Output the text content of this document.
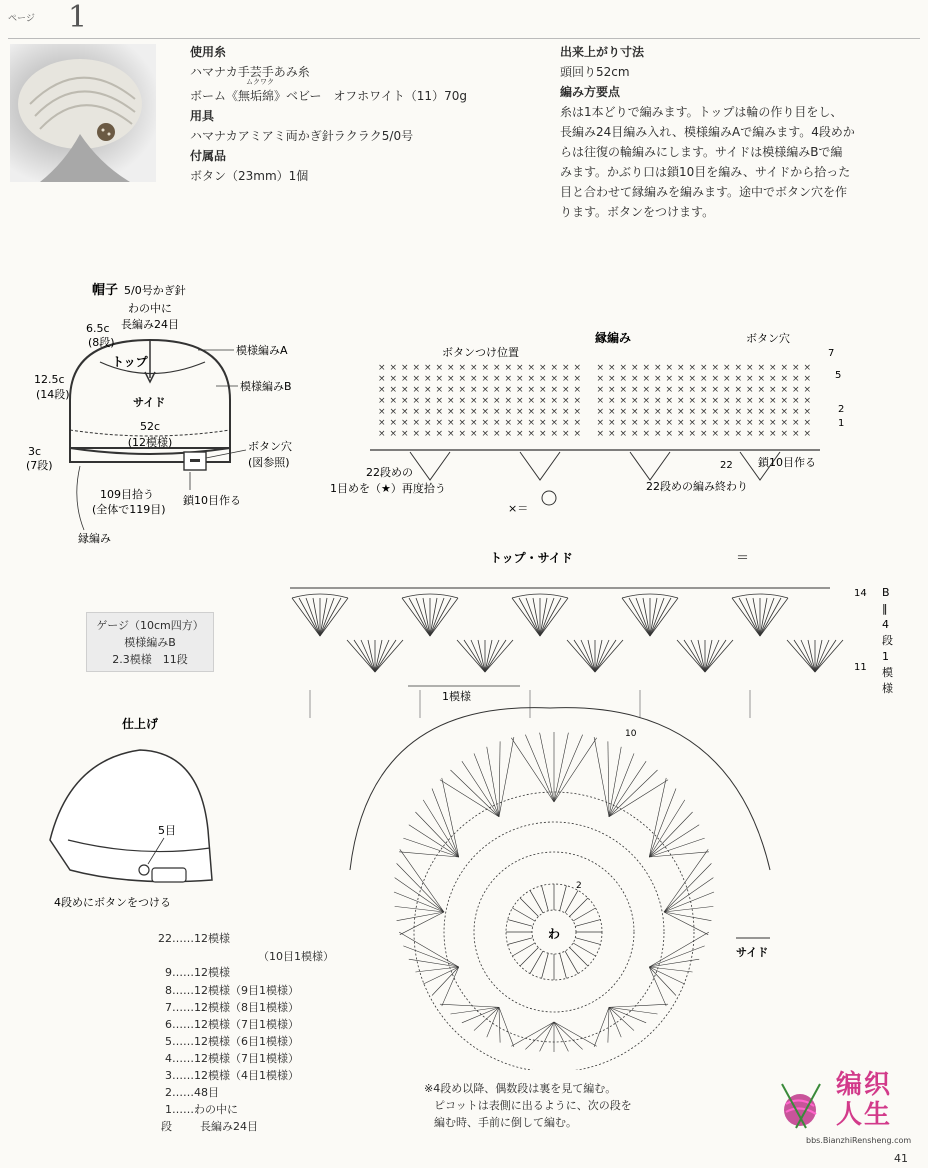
ページ 1
使用糸
ハマナカ手芸手あみ糸
ムクワク
ボーム《無垢綿》ベビー　オフホワイト（11）70g
用具
ハマナカアミアミ両かぎ針ラクラク5/0号
付属品
ボタン（23mm）1個
出来上がり寸法
頭回り52cm
編み方要点
糸は1本どりで編みます。トップは輪の作り目をし、
長編み24目編み入れ、模様編みAで編みます。4段めか
らは往復の輪編みにします。サイドは模様編みBで編
みます。かぶり口は鎖10目を編み、サイドから拾った
目と合わせて縁編みを編みます。途中でボタン穴を作
ります。ボタンをつけます。
帽子 5/0号かぎ針
わの中に
長編み24目
トップ
サイド
52c
(12模様)
6.5c
(8段)
12.5c
(14段)
3c
(7段)
模様編みA
模様編みB
ボタン穴
(図参照)
109目拾う
(全体で119目)
鎖10目作る
縁編み
縁編み
ボタンつけ位置
ボタン穴
× × × × × × × × × × × × × × × × × × × × × × × × × × × × × × × × × × × × ×
× × × × × × × × × × × × × × × × × × × × × × × × × × × × × × × × × × × × ×
× × × × × × × × × × × × × × × × × × × × × × × × × × × × × × × × × × × × ×
× × × × × × × × × × × × × × × × × × × × × × × × × × × × × × × × × × × × ×
× × × × × × × × × × × × × × × × × × × × × × × × × × × × × × × × × × × × ×
× × × × × × × × × × × × × × × × × × × × × × × × × × × × × × × × × × × × ×
× × × × × × × × × × × × × × × × × × × × × × × × × × × × × × × × × × × × ×
7
5
2
1
22 鎖10目作る
22段めの
1目めを（★）再度拾う	22段めの編み終わり
×＝
ゲージ（10cm四方）
模様編みB
2.3模様　11段
仕上げ
5目
4段めにボタンをつける
22……12模様
9……12模様
8……12模様（9目1模様）
7……12模様（8目1模様）
6……12模様（7目1模様）
5……12模様（6目1模様）
4……12模様（7目1模様）
3……12模様（4目1模様）
2……48目
1……わの中に
段	長編み24目
（10目1模様）
トップ・サイド	＝
14
11
B
‖
4
段
1
模
様
1模様
わ
10
2
サイド
※4段め以降、偶数段は裏を見て編む。
ピコットは表側に出るように、次の段を
編む時、手前に倒して編む。
编织人生
bbs.BianzhiRensheng.com
41
